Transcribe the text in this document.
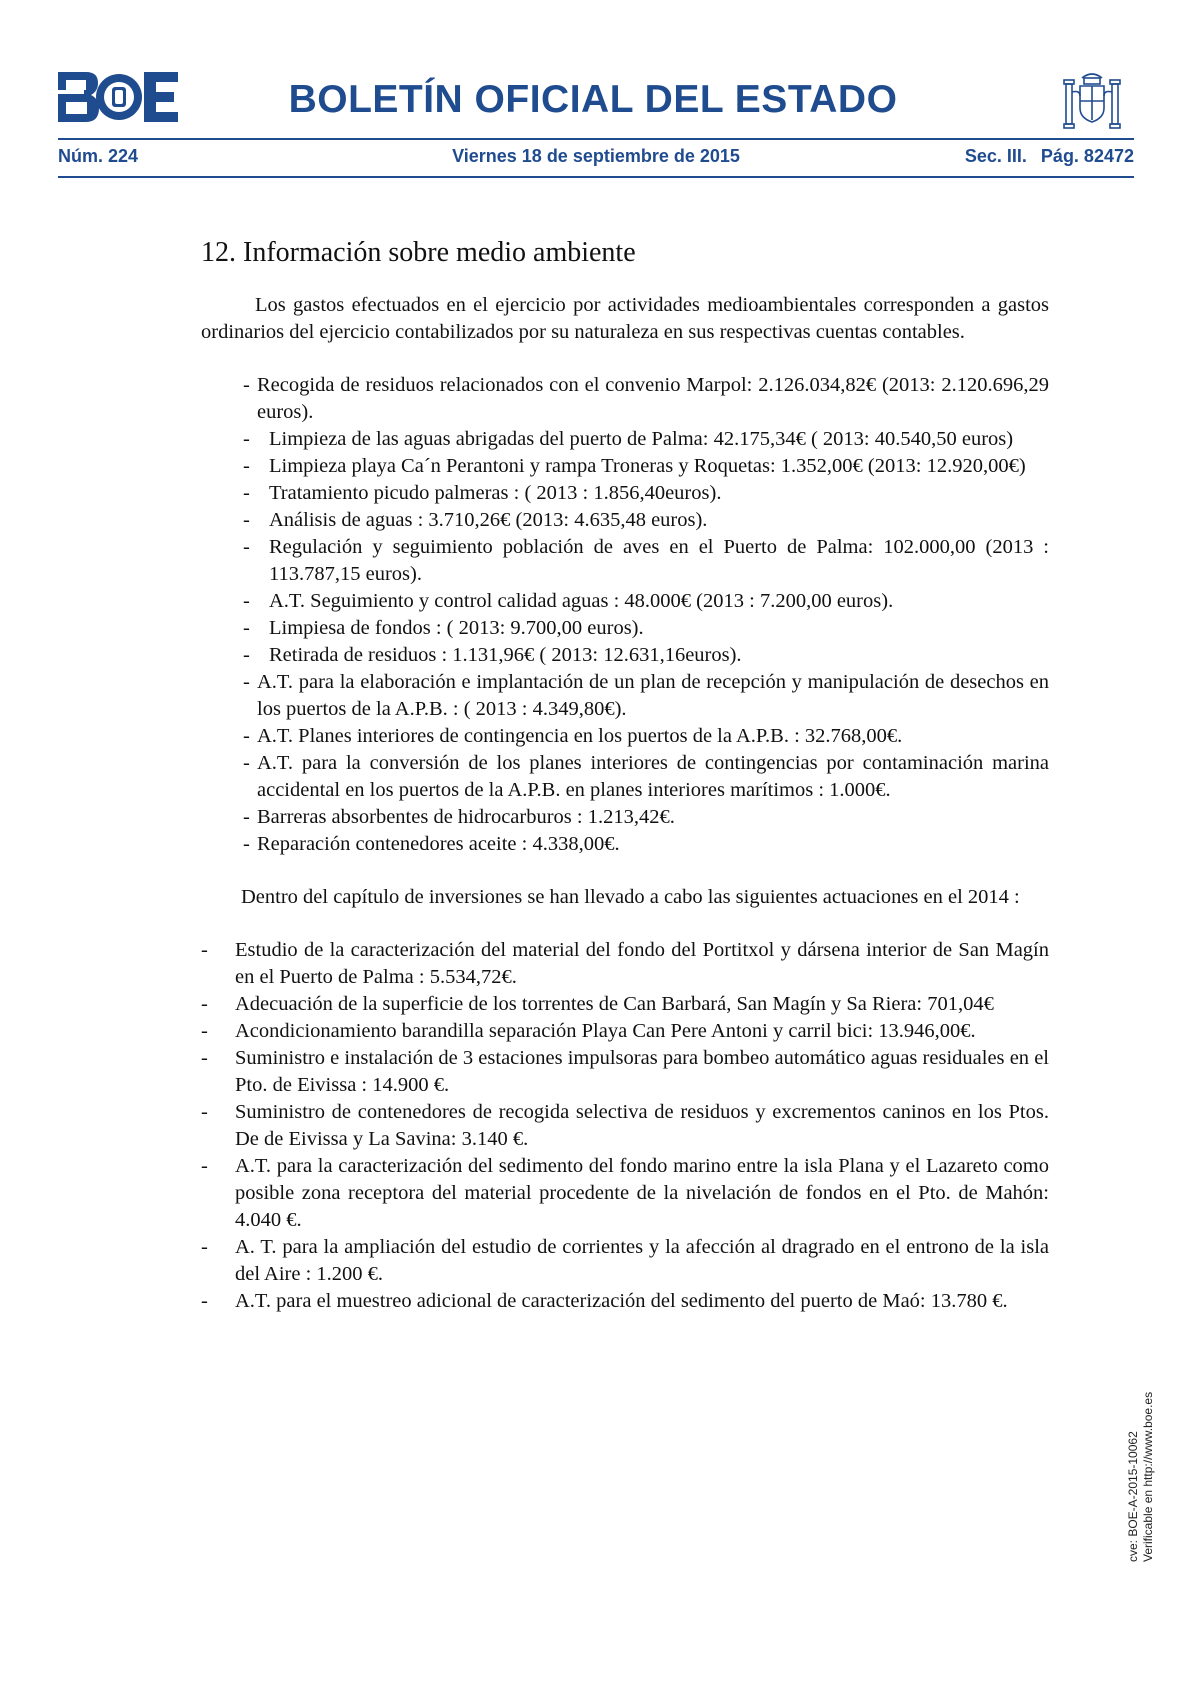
BOLETÍN OFICIAL DEL ESTADO
Núm. 224	Viernes 18 de septiembre de 2015	Sec. III. Pág. 82472
12. Información sobre medio ambiente

Los gastos efectuados en el ejercicio por actividades medioambientales corresponden a gastos ordinarios del ejercicio contabilizados por su naturaleza en sus respectivas cuentas contables.

- Recogida de residuos relacionados con el convenio Marpol: 2.126.034,82€ (2013: 2.120.696,29 euros).
- Limpieza de las aguas abrigadas del puerto de Palma: 42.175,34€ ( 2013: 40.540,50 euros)
- Limpieza playa Ca´n Perantoni y rampa Troneras y Roquetas: 1.352,00€ (2013: 12.920,00€)
- Tratamiento picudo palmeras : ( 2013 : 1.856,40euros).
- Análisis de aguas : 3.710,26€ (2013: 4.635,48 euros).
- Regulación y seguimiento población de aves en el Puerto de Palma: 102.000,00 (2013 : 113.787,15 euros).
- A.T. Seguimiento y control calidad aguas : 48.000€ (2013 : 7.200,00 euros).
- Limpiesa de fondos : ( 2013: 9.700,00 euros).
- Retirada de residuos : 1.131,96€ ( 2013: 12.631,16euros).
- A.T. para la elaboración e implantación de un plan de recepción y manipulación de desechos en los puertos de la A.P.B. : ( 2013 : 4.349,80€).
- A.T. Planes interiores de contingencia en los puertos de la A.P.B. : 32.768,00€.
- A.T. para la conversión de los planes interiores de contingencias por contaminación marina accidental en los puertos de la A.P.B. en planes interiores marítimos : 1.000€.
- Barreras absorbentes de hidrocarburos : 1.213,42€.
- Reparación contenedores aceite : 4.338,00€.

Dentro del capítulo de inversiones se han llevado a cabo las siguientes actuaciones en el 2014 :

-	Estudio de la caracterización del material del fondo del Portitxol y dársena interior de San Magín en el Puerto de Palma : 5.534,72€.
-	Adecuación de la superficie de los torrentes de Can Barbará, San Magín y Sa Riera: 701,04€
-	Acondicionamiento barandilla separación Playa Can Pere Antoni y carril bici: 13.946,00€.
-	Suministro e instalación de 3 estaciones impulsoras para bombeo automático aguas residuales en el Pto. de Eivissa : 14.900 €.
-	Suministro de contenedores de recogida selectiva de residuos y excrementos caninos en los Ptos. De de Eivissa y La Savina: 3.140 €.
-	A.T. para la caracterización del sedimento del fondo marino entre la isla Plana y el Lazareto como posible zona receptora del material procedente de la nivelación de fondos en el Pto. de Mahón: 4.040 €.
-	A. T. para la ampliación del estudio de corrientes y la afección al dragrado en el entrono de la isla del Aire : 1.200 €.
-	A.T. para el muestreo adicional de caracterización del sedimento del puerto de Maó: 13.780 €.
cve: BOE-A-2015-10062 Verificable en http://www.boe.es
